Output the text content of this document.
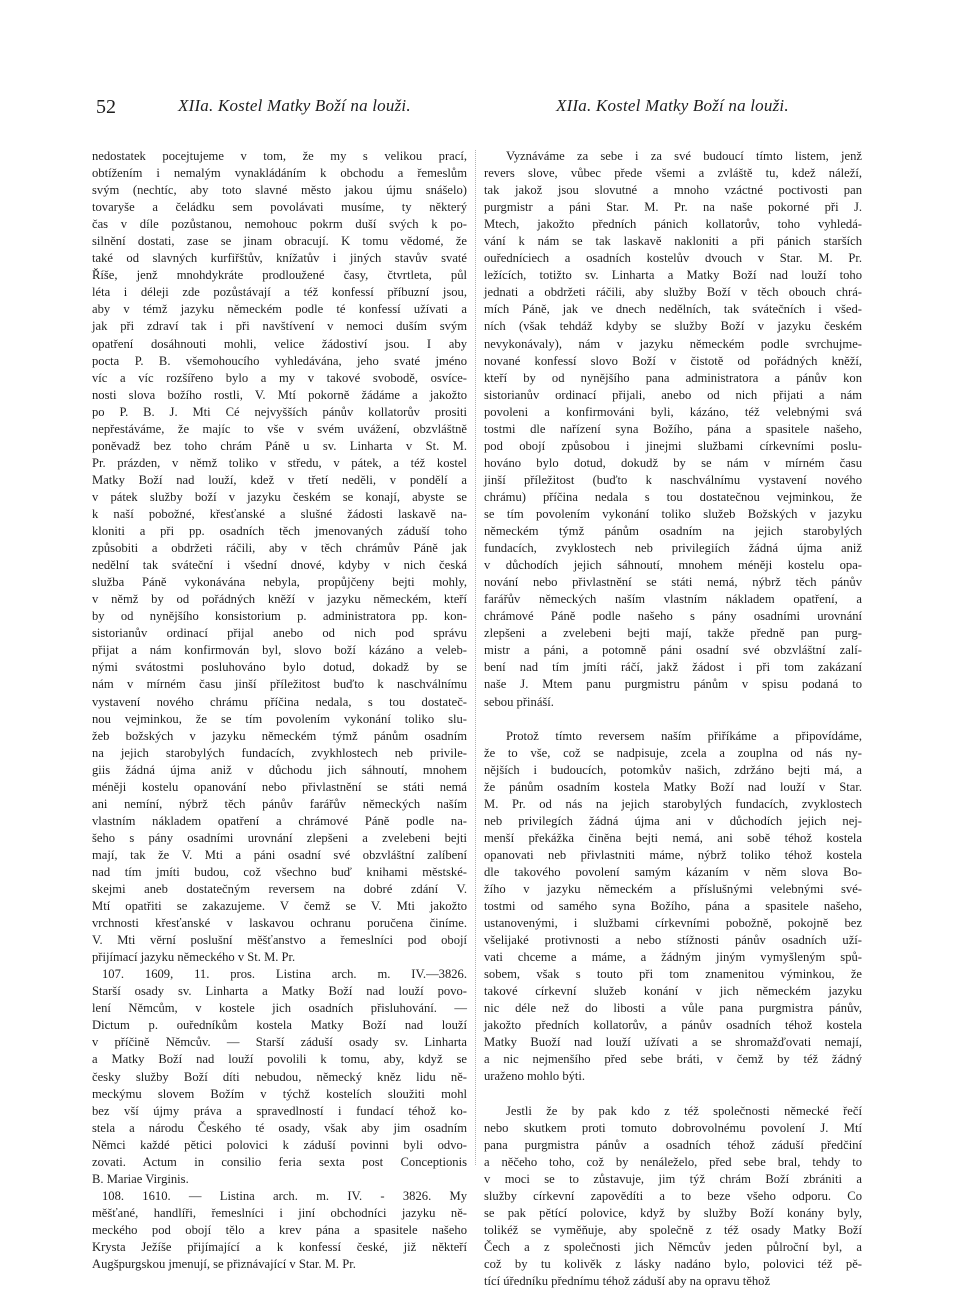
52	XIIa. Kostel Matky Boží na louži.	XIIa. Kostel Matky Boží na louži.

nedostatek pocejtujeme v tom, že my s velikou prací,

obtížením i nemalým vynakládáním k obchodu a řemeslům

svým (nechtíc, aby toto slavné město jakou újmu snášelo)

tovaryše a čeládku sem povolávati musíme, ty některý

čas v díle pozůstanou, nemohouc pokrm duší svých k po-

silnění dostati, zase se jinam obracují. K tomu vědomé, že

také od slavných kurfiřštův, knížatův i jiných stavův svaté

Říše, jenž mnohdykráte prodloužené časy, čtvrtleta, půl

léta i déleji zde pozůstávají a též konfessí příbuzní jsou,

aby v témž jazyku německém podle té konfessí užívati a

jak při zdraví tak i při navštívení v nemoci duším svým

opatření dosáhnouti mohli, velice žádostiví jsou. I aby

pocta P. B. všemohoucího vyhledávána, jeho svaté jméno

víc a víc rozšířeno bylo a my v takové svobodě, osvíce-

nosti slova božího rostli, V. Mtí pokorně žádáme a jakožto

po P. B. J. Mti Cé nejvyšších pánův kollatorův prositi

nepřestáváme, že majíc to vše v svém uvážení, obzvláštně

poněvadž bez toho chrám Páně u sv. Linharta v St. M.

Pr. prázden, v němž toliko v středu, v pátek, a též kostel

Matky Boží nad louží, kdež v třetí neděli, v pondělí a

v pátek služby boží v jazyku českém se konají, abyste se

k naší pobožné, křesťanské a slušné žádosti laskavě na-

kloniti a při pp. osadních těch jmenovaných záduší toho

způsobiti a obdržeti ráčili, aby v těch chrámův Páně jak

nedělní tak sváteční i všední dnové, kdyby v nich česká

služba Páně vykonávána nebyla, propůjčeny bejti mohly,

v němž by od pořádných kněží v jazyku německém, kteří

by od nynějšího konsistorium p. administratora pp. kon-

sistorianův ordinací přijal anebo od nich pod správu

přijat a nám konfirmován byl, slovo boží kázáno a veleb-

nými svátostmi posluhováno bylo dotud, dokadž by se

nám v mírném času jinší příležitost buďto k naschválnímu

vystavení nového chrámu příčina nedala, s tou dostateč-

nou vejminkou, že se tím povolením vykonání toliko slu-

žeb božských v jazyku německém týmž pánům osadním

na jejich starobylých fundacích, zvykhlostech neb privile-

giis žádná újma aniž v důchodu jich sáhnoutí, mnohem

méněji kostelu opanování nebo přivlastnění se státi nemá

ani nemíní, nýbrž těch pánův farářův německých naším

vlastním nákladem opatření a chrámové Páně podle na-

šeho s pány osadními urovnání zlepšeni a zvelebeni bejti

mají, tak že V. Mti a páni osadní své obzvláštní zalíbení

nad tím jmíti budou, což všechno buď knihami městské-

skejmi aneb dostatečným reversem na dobré zdání V.

Mtí opatřiti se zakazujeme. V čemž se V. Mti jakožto

vrchnosti křesťanské v laskavou ochranu poručena činíme.

V. Mti věrní poslušní měšťanstvo a řemeslníci pod obojí

přijímací jazyku německého v St. M. Pr.

107. 1609, 11. pros. Listina arch. m. IV.—3826.

Starší osady sv. Linharta a Matky Boží nad louží povo-

lení Němcům, v kostele jich osadních přisluhování. —

Dictum p. ouředníkům kostela Matky Boží nad louží

v příčině Němcův. — Starší záduší osady sv. Linharta

a Matky Boží nad louží povolili k tomu, aby, když se

česky služby Boží díti nebudou, německý kněz lidu ně-

meckýmu slovem Božím v týchž kostelích sloužiti mohl

bez vší újmy práva a spravedlností i fundací téhož ko-

stela a národu Českého té osady, však aby jim osadním

Němci každé pětici polovici k záduší povinni byli odvo-

zovati. Actum in consilio feria sexta post Conceptionis

B. Mariae Virginis.

108. 1610. — Listina arch. m. IV. - 3826. My

měšťané, handlíři, řemeslníci i jiní obchodníci jazyku ně-

meckého pod obojí tělo a krev pána a spasitele našeho

Krysta Ježíše přijímající a k konfessí české, již někteří

Augšpurgskou jmenují, se přiznávající v Star. M. Pr.

Vyznáváme za sebe i za své budoucí tímto listem, jenž

revers slove, vůbec přede všemi a zvláště tu, kdež náleží,

tak jakož jsou slovutné a mnoho vzáctné poctivosti pan

purgmistr a páni Star. M. Pr. na naše pokorné při J.

Mtech, jakožto předních pánich kollatorův, toho vyhledá-

vání k nám se tak laskavě nakloniti a při pánich starších

ouředníciech a osadních kostelův dvouch v Star. M. Pr.

ležících, totižto sv. Linharta a Matky Boží nad louží toho

jednati a obdržeti ráčili, aby služby Boží v těch obouch chrá-

mích Páně, jak ve dnech nedělních, tak svátečních i všed-

ních (však tehdáž kdyby se služby Boží v jazyku českém

nevykonávaly), nám v jazyku německém podle svrchujme-

nované konfessí slovo Boží v čistotě od pořádných kněží,

kteří by od nynějšího pana administratora a pánův kon

sistorianův ordinací přijali, anebo od nich přijati a nám

povoleni a konfirmováni byli, kázáno, též velebnými svá

tostmi dle nařízení syna Božího, pána a spasitele našeho,

pod obojí způsobou i jinejmi službami církevními poslu-

hováno bylo dotud, dokudž by se nám v mírném času

jinší příležitost (buďto k naschválnímu vystavení nového

chrámu) příčina nedala s tou dostatečnou vejminkou, že

se tím povolením vykonání toliko služeb Božských v jazyku

německém týmž pánům osadním na jejich starobylých

fundacích, zvyklostech neb privilegiích žádná újma aniž

v důchodích jejich sáhnoutí, mnohem méněji kostelu opa-

nování nebo přivlastnění se státi nemá, nýbrž těch pánův

farářův německých naším vlastním nákladem opatření, a

chrámové Páně podle našeho s pány osadními urovnání

zlepšeni a zvelebeni bejti mají, takže předně pan purg-

mistr a páni, a potomně páni osadní své obzvláštní zalí-

bení nad tím jmíti ráčí, jakž žádost i při tom zakázaní

naše J. Mtem panu purgmistru pánům v spisu podaná to

sebou přináší.

Protož tímto reversem naším přiříkáme a připovídáme,

že to vše, což se nadpisuje, zcela a zouplna od nás ny-

nějších i budoucích, potomkův našich, zdržáno bejti má, a

že pánům osadním kostela Matky Boží nad louží v Star.

M. Pr. od nás na jejich starobylých fundacích, zvyklostech

neb privilegích žádná újma ani v důchodích jejich nej-

menší překážka činěna bejti nemá, ani sobě téhož kostela

opanovati neb přivlastniti máme, nýbrž toliko téhož kostela

dle takového povolení samým kázaním v něm slova Bo-

žího v jazyku německém a příslušnými velebnými své-

tostmi od samého syna Božího, pána a spasitele našeho,

ustanovenými, i službami církevními pobožně, pokojně bez

všelijaké protivnosti a nebo stížnosti pánův osadních uží-

vati chceme a máme, a žádným jiným vymyšleným spů-

sobem, však s touto při tom znamenitou výminkou, že

takové církevní služeb konání v jich německém jazyku

nic déle než do libosti a vůle pana purgmistra pánův,

jakožto předních kollatorův, a pánův osadních téhož kostela

Matky Buoží nad louží užívati a se shromažďovati nemají,

a nic nejmenšího před sebe bráti, v čemž by též žádný

uraženo mohlo býti.

Jestli že by pak kdo z též společnosti německé řečí

nebo skutkem proti tomuto dobrovolnému povolení J. Mtí

pana purgmistra pánův a osadních téhož záduší předčiní

a něčeho toho, což by nenáleželo, před sebe bral, tehdy to

v moci se to zůstavuje, jim týž chrám Boží zbrániti a

služby církevní zapovědíti a to beze všeho odporu. Co

se pak pětící polovice, když by služby Boží konány byly,

tolikéž se vyměňuje, aby společně z též osady Matky Boží

Čech a z společnosti jich Němcův jeden půlroční byl, a

což by tu kolivěk z lásky nadáno bylo, polovici též pě-

tící úředníku přednímu téhož záduší aby na opravu těhož
